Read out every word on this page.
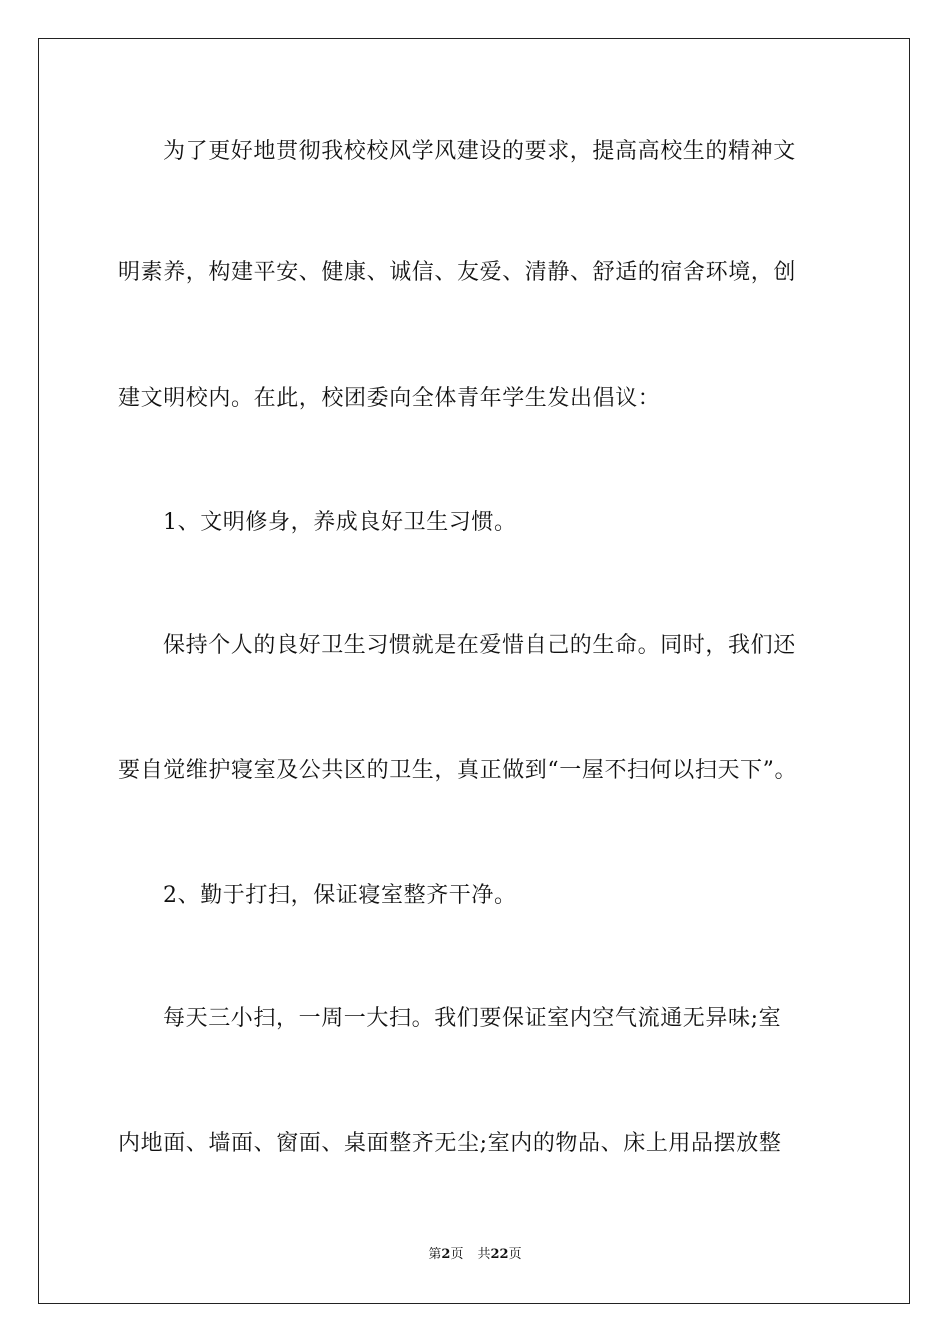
为了更好地贯彻我校校风学风建设的要求，提高高校生的精神文
明素养，构建平安、健康、诚信、友爱、清静、舒适的宿舍环境，创
建文明校内。在此，校团委向全体青年学生发出倡议：
1、文明修身，养成良好卫生习惯。
保持个人的良好卫生习惯就是在爱惜自己的生命。同时，我们还
要自觉维护寝室及公共区的卫生，真正做到“一屋不扫何以扫天下”。
2、勤于打扫，保证寝室整齐干净。
每天三小扫，一周一大扫。我们要保证室内空气流通无异味;室
内地面、墙面、窗面、桌面整齐无尘;室内的物品、床上用品摆放整
第2页 共22页
